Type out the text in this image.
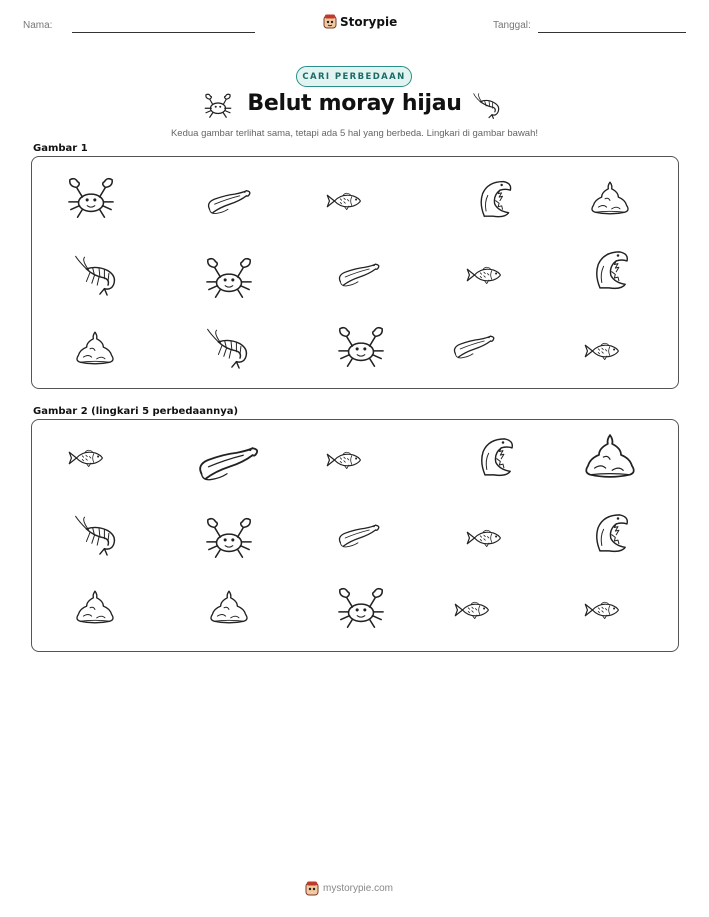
Nama:	Tanggal:
Storypie
CARI PERBEDAAN
Belut moray hijau
Kedua gambar terlihat sama, tetapi ada 5 hal yang berbeda. Lingkari di gambar bawah!
Gambar 1
Gambar 2 (lingkari 5 perbedaannya)
mystorypie.com
